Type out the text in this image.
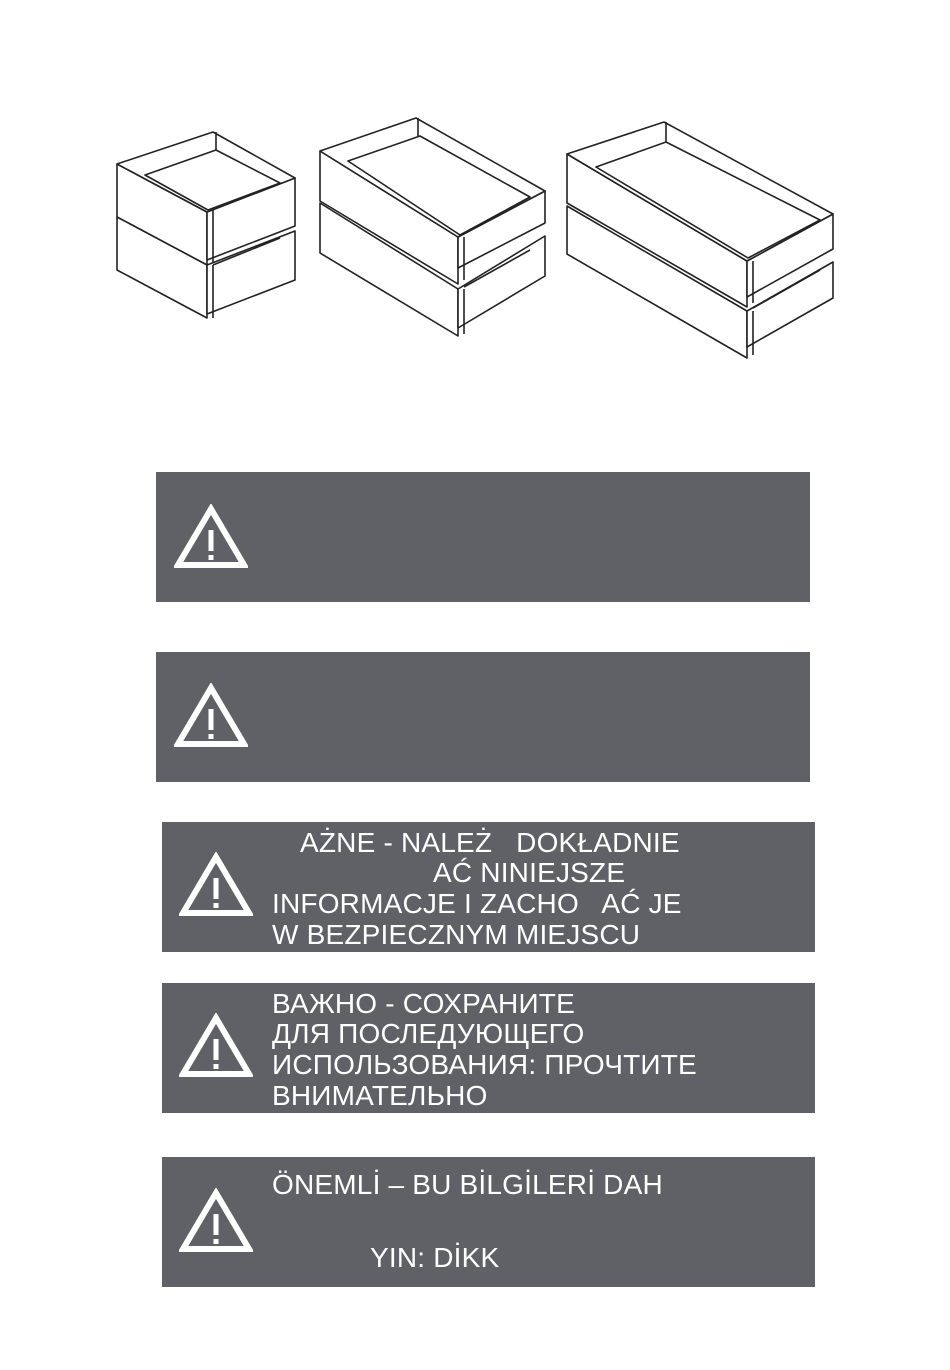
AŻNE - NALEŻ   DOKŁADNIE
AĆ NINIEJSZE
INFORMACJE I ZACHO   AĆ JE
W BEZPIECZNYM MIEJSCU
ВАЖНО - СОХРАНИТЕ
ДЛЯ ПОСЛЕДУЮЩЕГО
ИСПОЛЬЗОВАНИЯ: ПРОЧТИТЕ
ВНИМАТЕЛЬНО
ÖNEMLİ – BU BİLGİLERİ DAH
YIN: DİKK
